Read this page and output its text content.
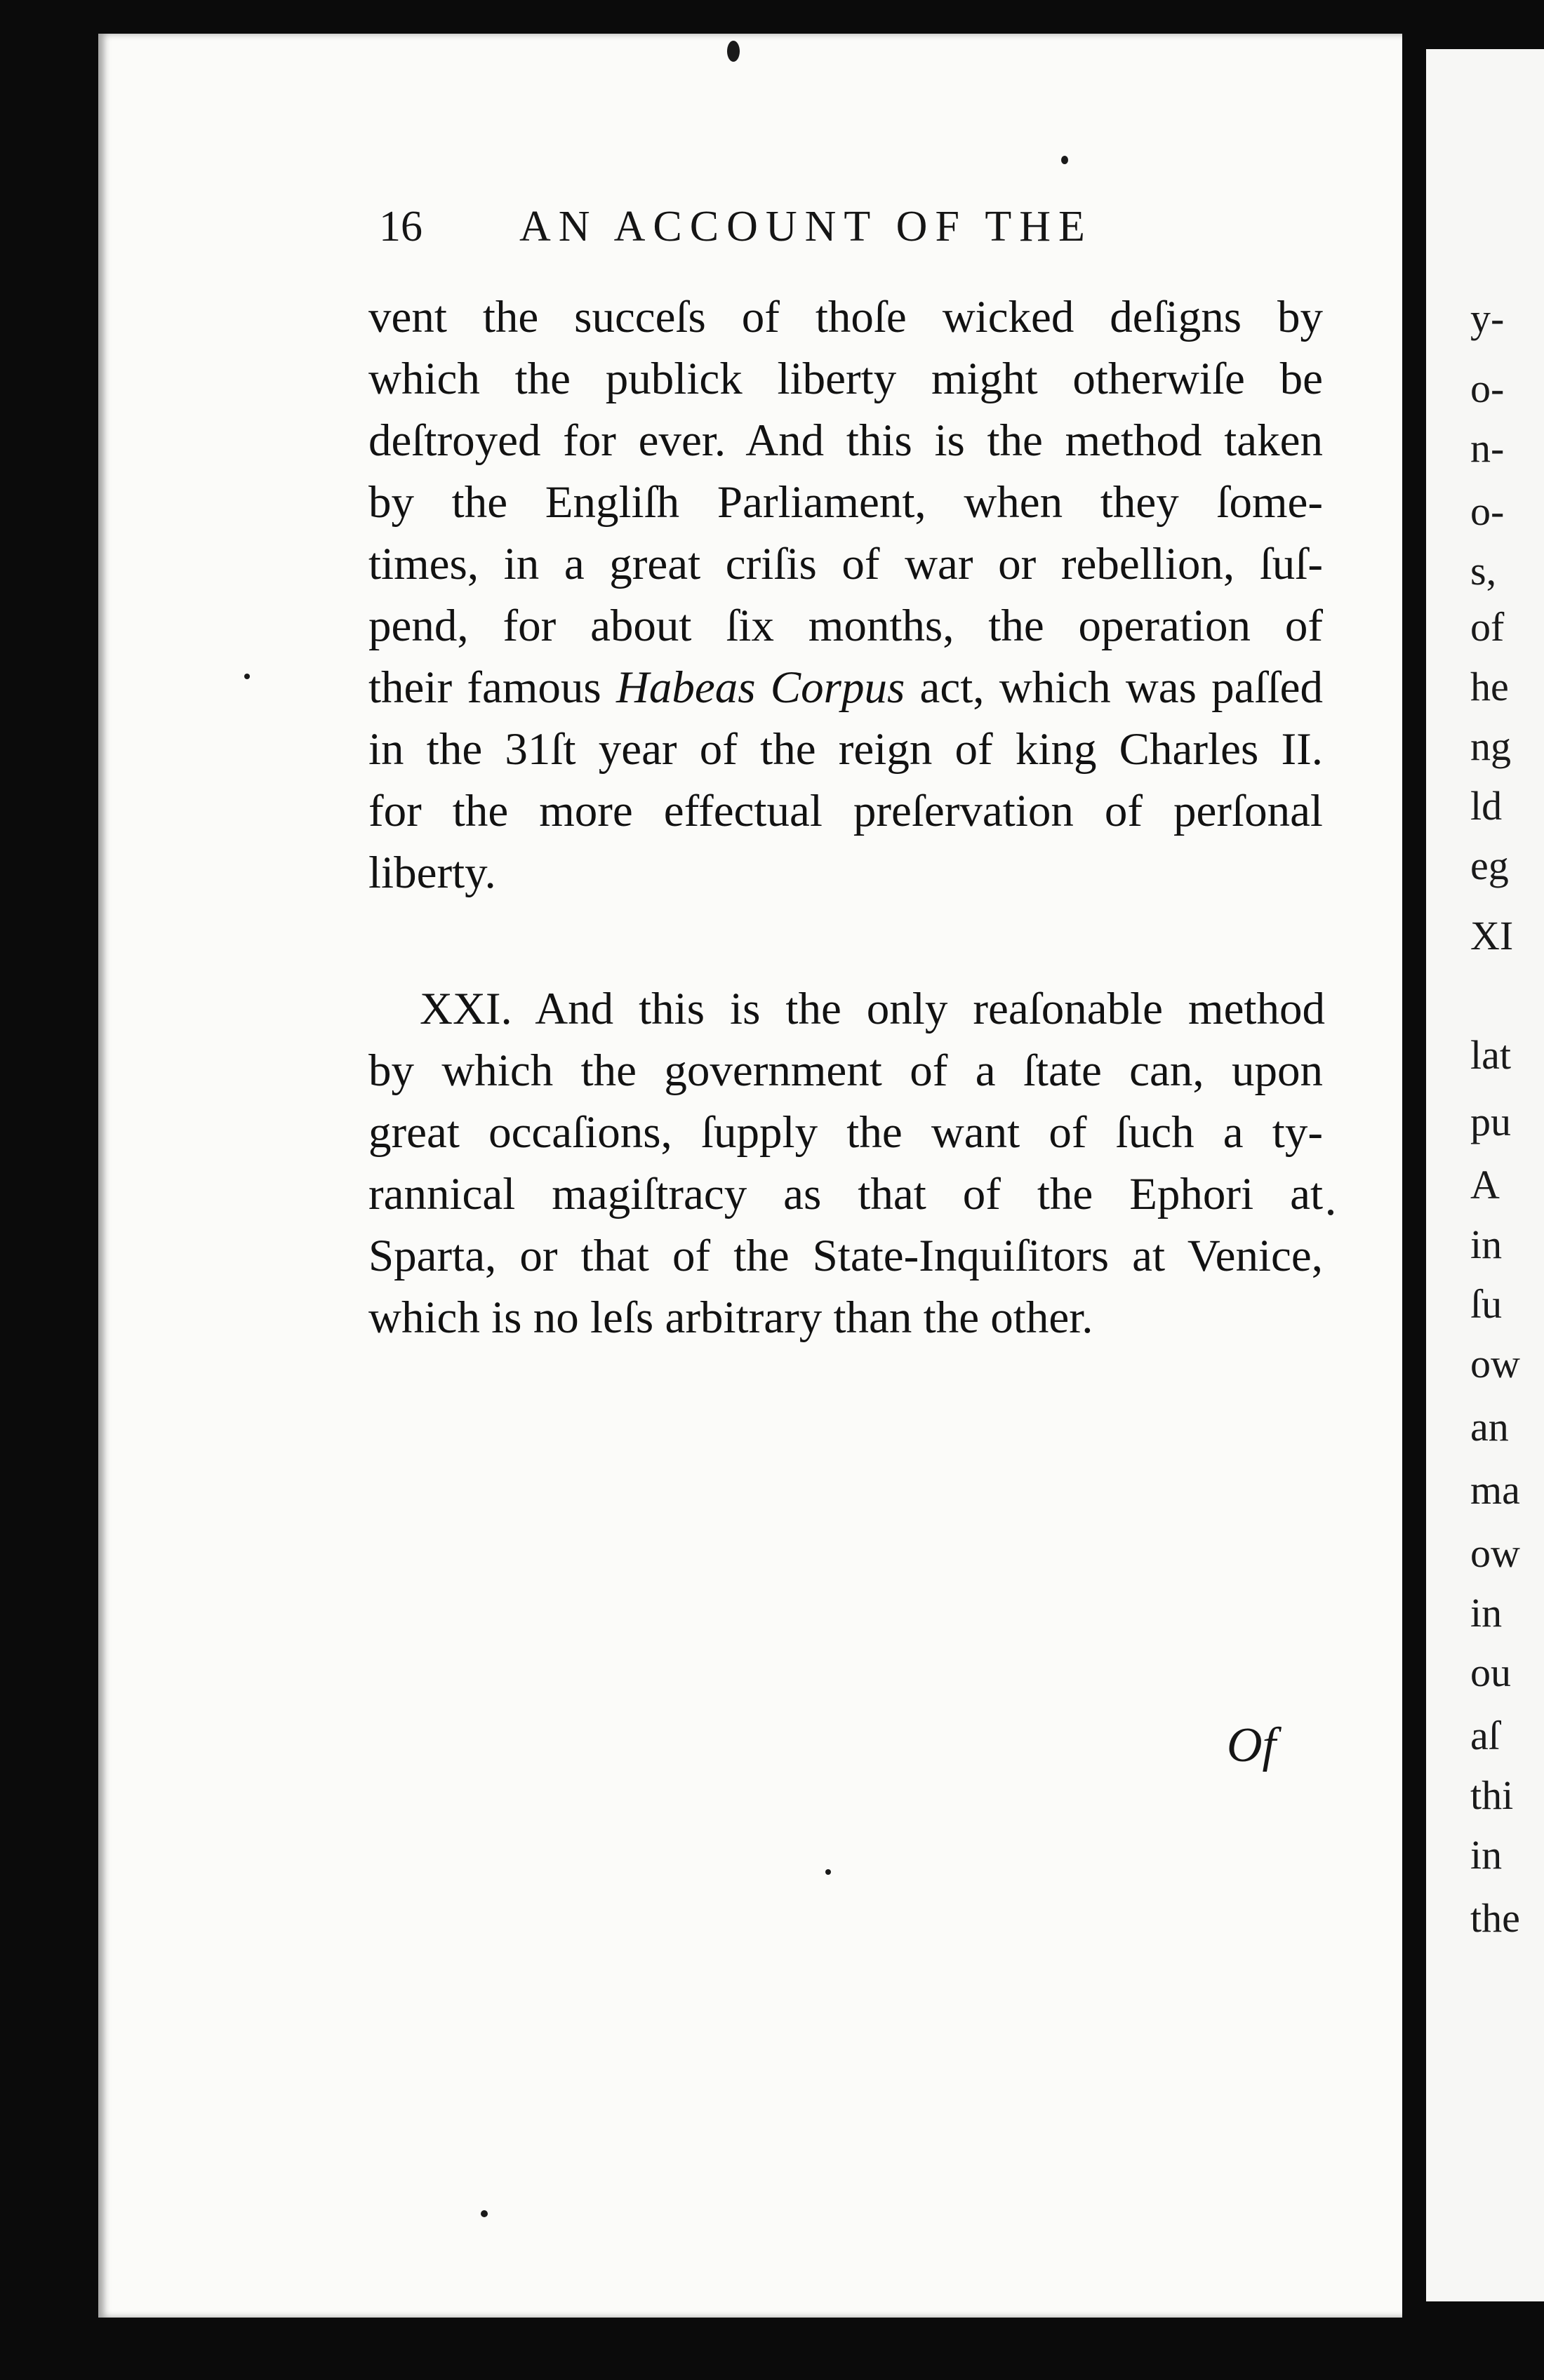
16 AN ACCOUNT OF THE
vent the succeſs of thoſe wicked deſigns by
which the publick liberty might otherwiſe be
deſtroyed for ever. And this is the method taken
by the Engliſh Parliament, when they ſome-
times, in a great criſis of war or rebellion, ſuſ-
pend, for about ſix months, the operation of
their famous Habeas Corpus act, which was paſſed
in the 31ſt year of the reign of king Charles II.
for the more effectual preſervation of perſonal
liberty.
XXI. And this is the only reaſonable method
by which the government of a ſtate can, upon
great occaſions, ſupply the want of ſuch a ty-
rannical magiſtracy as that of the Ephori at
Sparta, or that of the State-Inquiſitors at Venice,
which is no leſs arbitrary than the other.
Of
y-
o-
n-
o-
s,
of
he
ng
ld
eg
XI
lat
pu
A
in
ſu
ow
an
ma
ow
in
ou
aſ
thi
in
the
